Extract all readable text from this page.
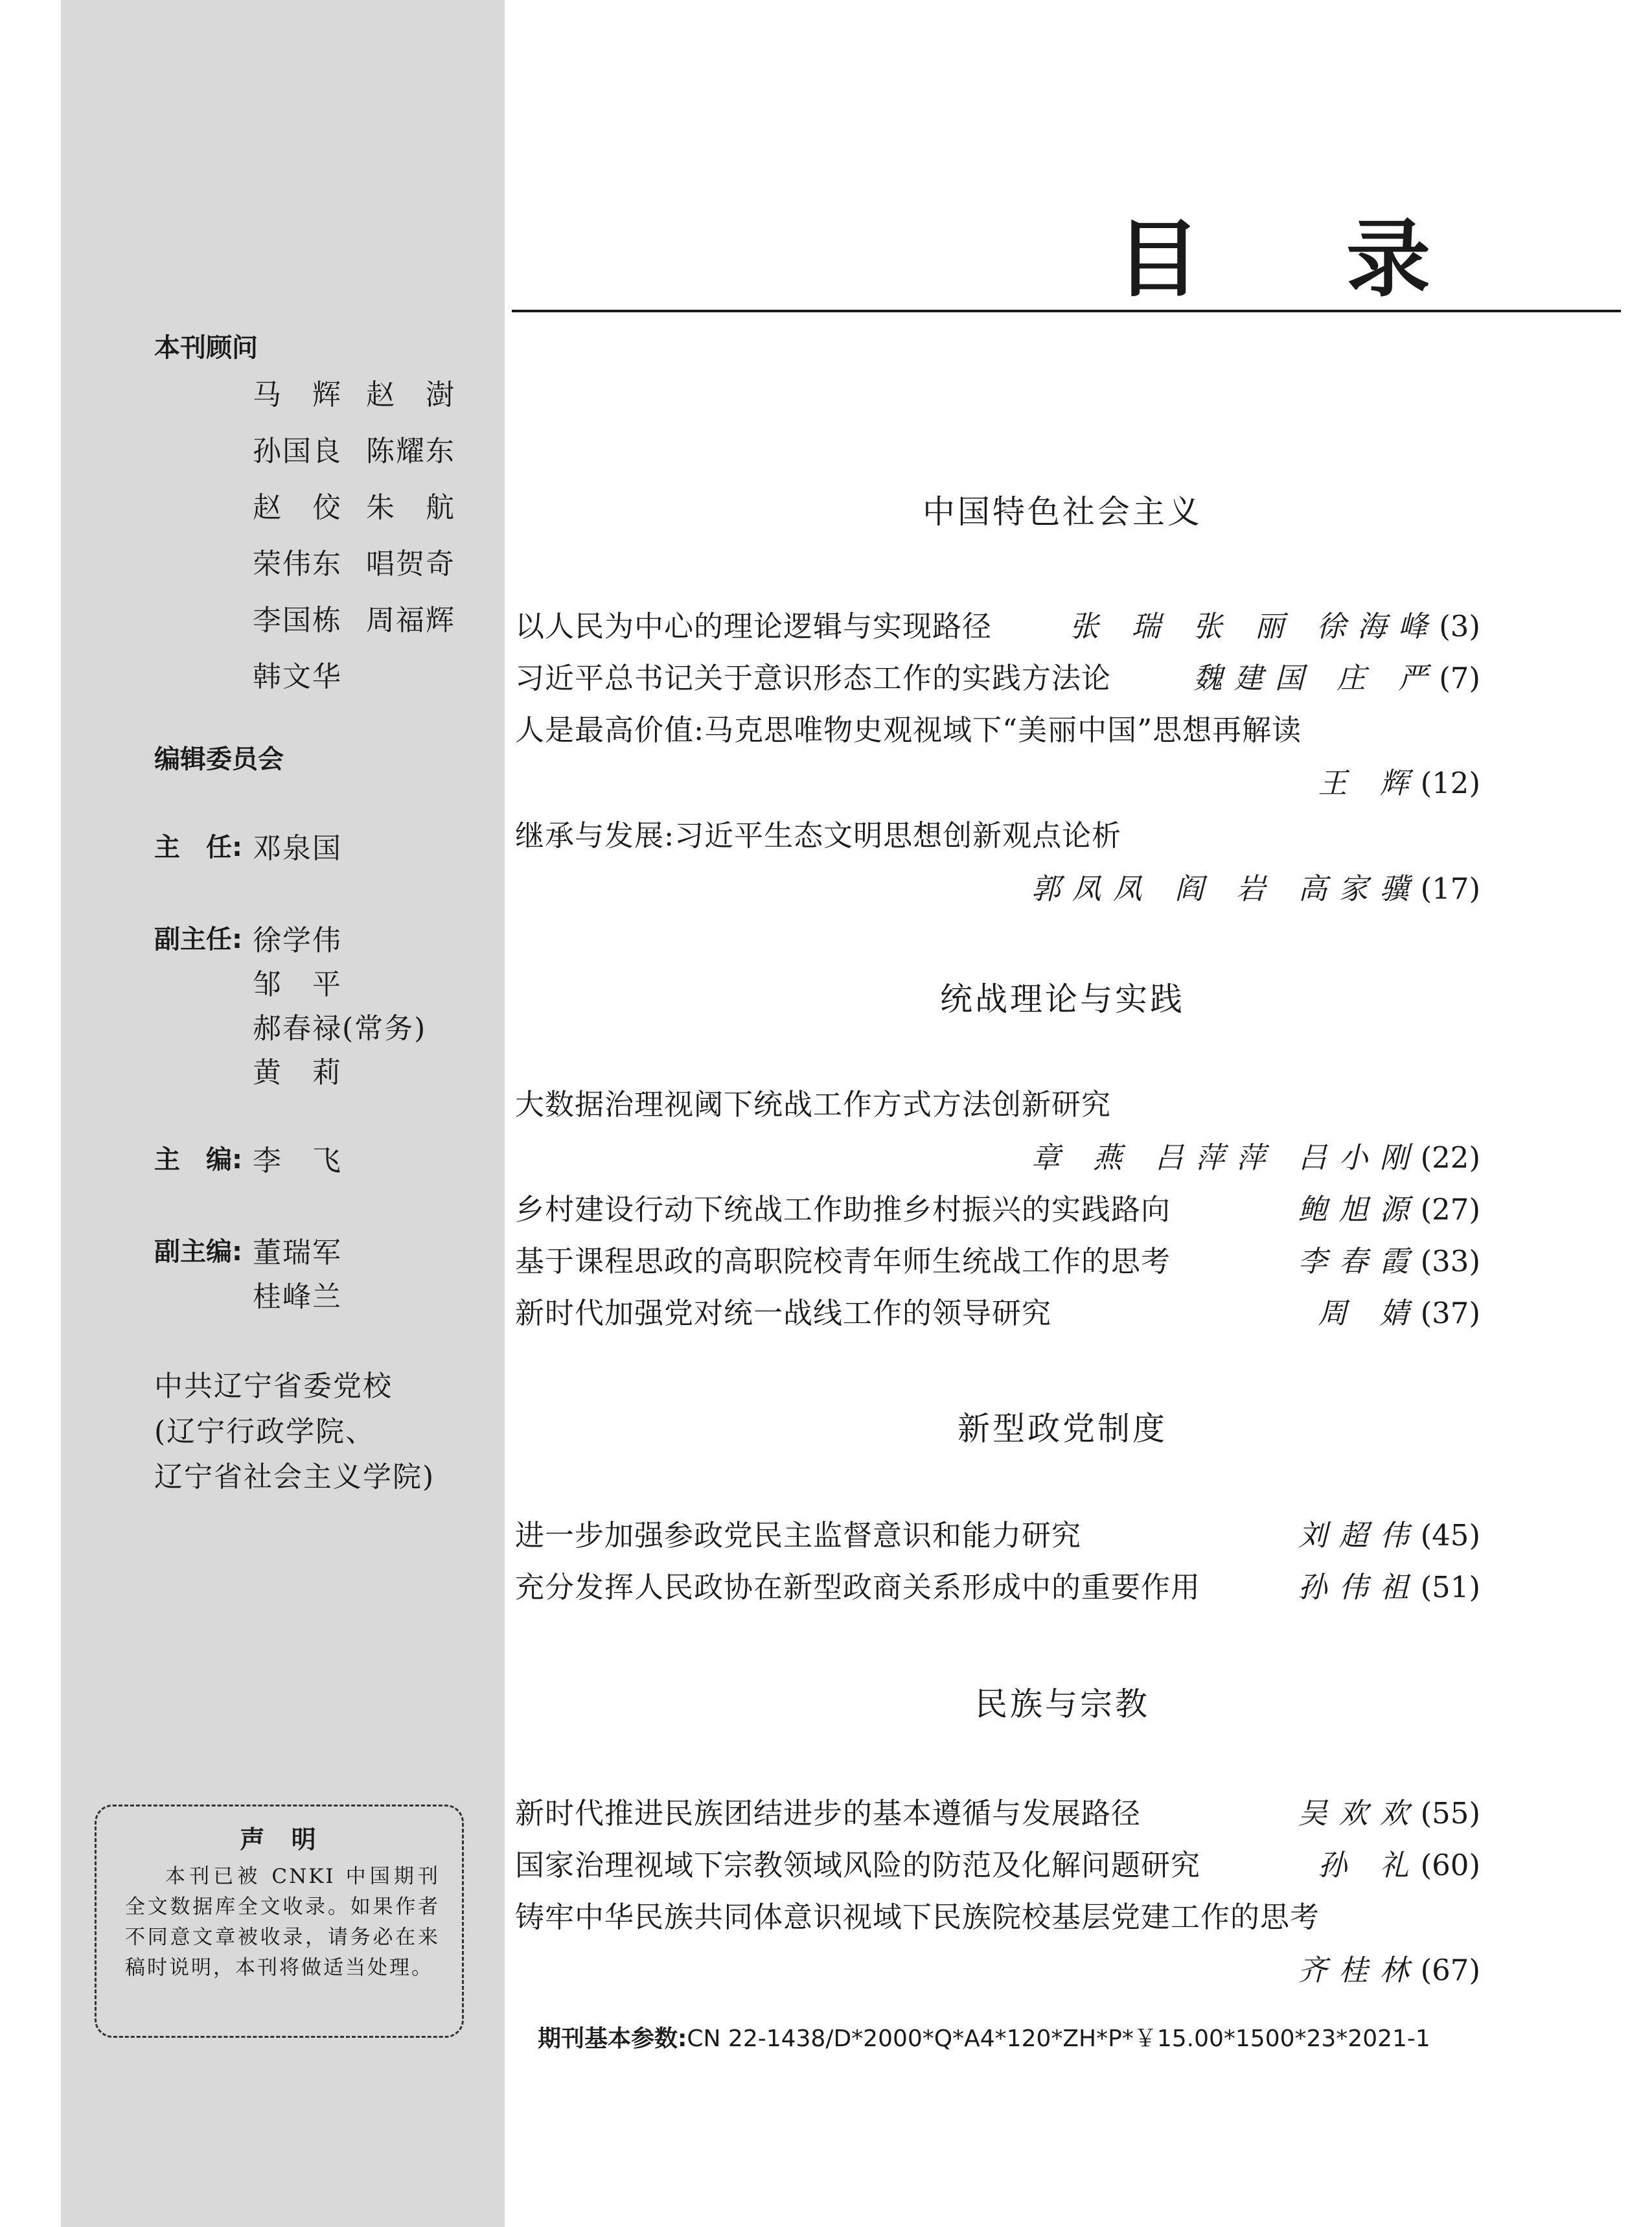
本刊顾问
马　辉 赵　澍
孙国良 陈耀东
赵　佼 朱　航
荣伟东 唱贺奇
李国栋 周福辉
韩文华
编辑委员会
主　任: 邓泉国
副主任: 徐学伟
邹　平
郝春禄(常务)
黄　莉
主　编: 李　飞
副主编: 董瑞军
桂峰兰
中共辽宁省委党校
(辽宁行政学院、
辽宁省社会主义学院)
声 明
本刊已被 CNKI 中国期刊全文数据库全文收录。如果作者不同意文章被收录，请务必在来稿时说明，本刊将做适当处理。
目 录
中国特色社会主义
以人民为中心的理论逻辑与实现路径	张 瑞 张 丽 徐海峰(3)
习近平总书记关于意识形态工作的实践方法论	魏建国 庄 严(7)
人是最高价值:马克思唯物史观视域下“美丽中国”思想再解读
王 辉(12)
继承与发展:习近平生态文明思想创新观点论析
郭凤凤 阎 岩 高家骥(17)
统战理论与实践
大数据治理视阈下统战工作方式方法创新研究
章 燕 吕萍萍 吕小刚(22)
乡村建设行动下统战工作助推乡村振兴的实践路向	鲍旭源(27)
基于课程思政的高职院校青年师生统战工作的思考	李春霞(33)
新时代加强党对统一战线工作的领导研究	周 婧(37)
新型政党制度
进一步加强参政党民主监督意识和能力研究	刘超伟(45)
充分发挥人民政协在新型政商关系形成中的重要作用	孙伟祖(51)
民族与宗教
新时代推进民族团结进步的基本遵循与发展路径	吴欢欢(55)
国家治理视域下宗教领域风险的防范及化解问题研究	孙 礼(60)
铸牢中华民族共同体意识视域下民族院校基层党建工作的思考
齐桂林(67)
期刊基本参数:CN 22-1438/D*2000*Q*A4*120*ZH*P*￥15.00*1500*23*2021-1
